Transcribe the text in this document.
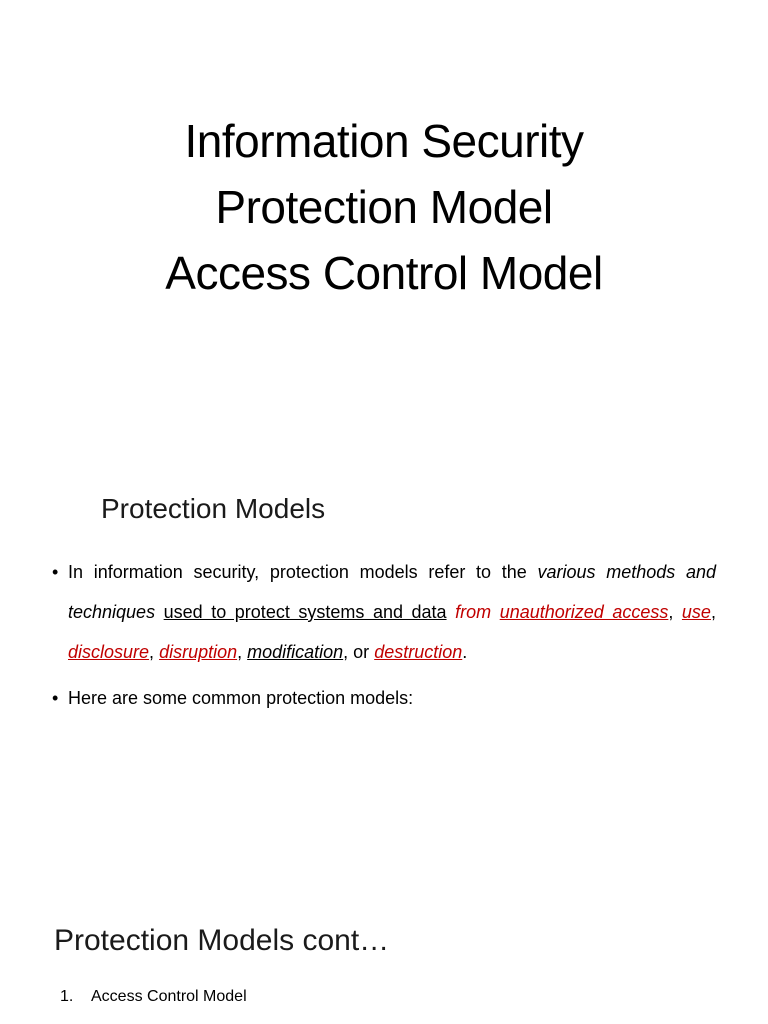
Information Security
Protection Model
Access Control Model
Protection Models
• In information security, protection models refer to the various methods and techniques used to protect systems and data from unauthorized access, use, disclosure, disruption, modification, or destruction.
• Here are some common protection models:
Protection Models cont…
1.	Access Control Model
